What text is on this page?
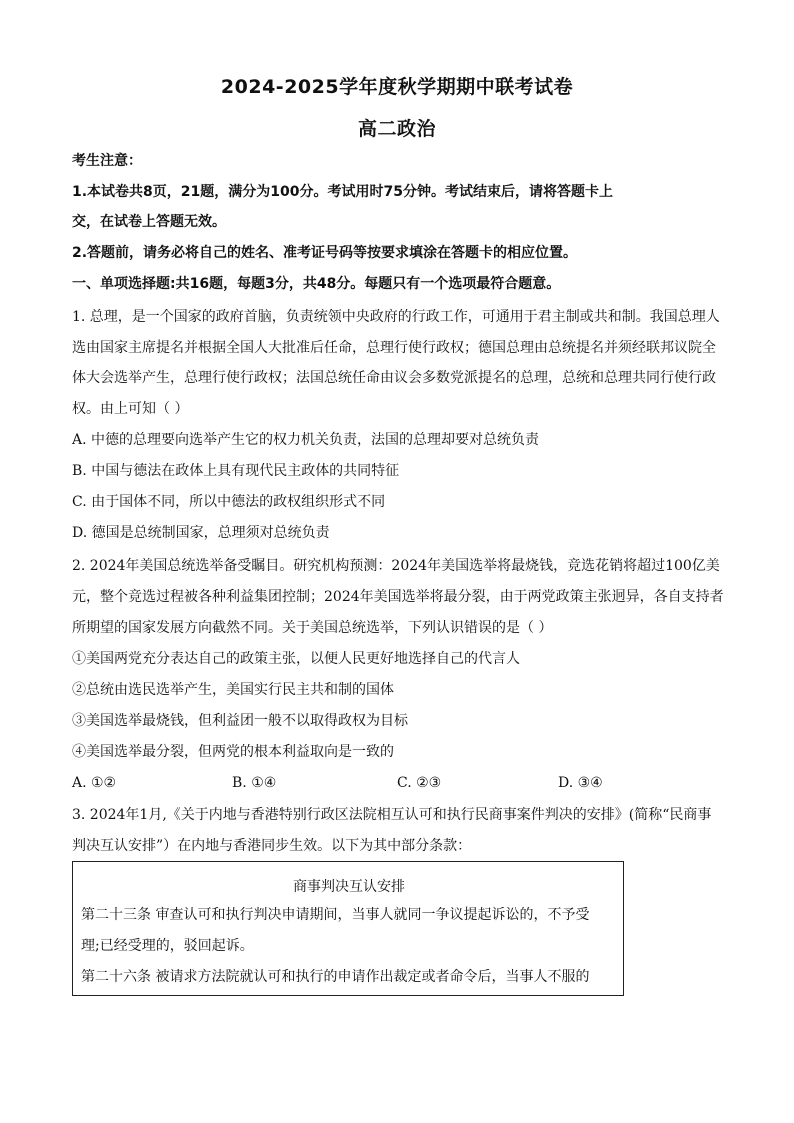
2024-2025学年度秋学期期中联考试卷
高二政治
考生注意：
1.本试卷共8页，21题，满分为100分。考试用时75分钟。考试结束后，请将答题卡上
交，在试卷上答题无效。
2.答题前，请务必将自己的姓名、准考证号码等按要求填涂在答题卡的相应位置。
一、单项选择题:共16题，每题3分，共48分。每题只有一个选项最符合题意。
1. 总理，是一个国家的政府首脑，负责统领中央政府的行政工作，可通用于君主制或共和制。我国总理人
选由国家主席提名并根据全国人大批准后任命，总理行使行政权；德国总理由总统提名并须经联邦议院全
体大会选举产生，总理行使行政权；法国总统任命由议会多数党派提名的总理，总统和总理共同行使行政
权。由上可知（ ）
A. 中德的总理要向选举产生它的权力机关负责，法国的总理却要对总统负责
B. 中国与德法在政体上具有现代民主政体的共同特征
C. 由于国体不同，所以中德法的政权组织形式不同
D. 德国是总统制国家，总理须对总统负责
2. 2024年美国总统选举备受瞩目。研究机构预测：2024年美国选举将最烧钱，竞选花销将超过100亿美
元，整个竞选过程被各种利益集团控制；2024年美国选举将最分裂，由于两党政策主张迥异，各自支持者
所期望的国家发展方向截然不同。关于美国总统选举，下列认识错误的是（ ）
①美国两党充分表达自己的政策主张，以便人民更好地选择自己的代言人
②总统由选民选举产生，美国实行民主共和制的国体
③美国选举最烧钱，但利益团一般不以取得政权为目标
④美国选举最分裂，但两党的根本利益取向是一致的
A. ①②	B. ①④	C. ②③	D. ③④
3. 2024年1月,《关于内地与香港特别行政区法院相互认可和执行民商事案件判决的安排》(简称“民商事
判决互认安排”）在内地与香港同步生效。以下为其中部分条款：
商事判决互认安排
第二十三条 审查认可和执行判决申请期间，当事人就同一争议提起诉讼的，不予受
理;已经受理的，驳回起诉。
第二十六条 被请求方法院就认可和执行的申请作出裁定或者命令后，当事人不服的
